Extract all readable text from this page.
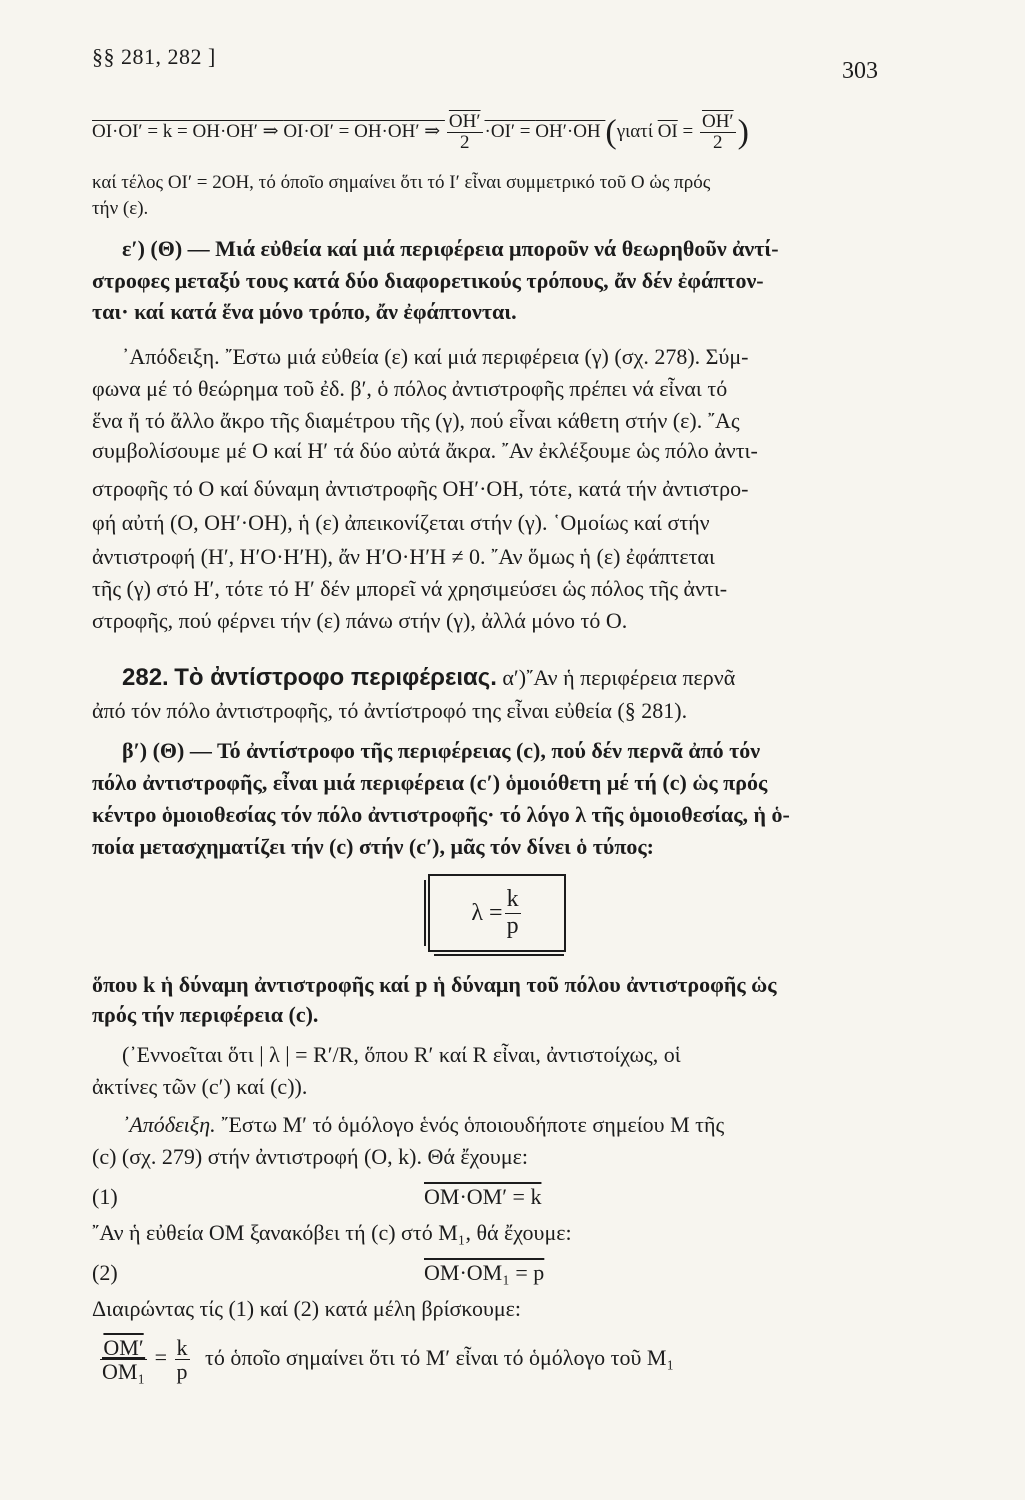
§§ 281, 282 ]
303
OI·OI′ = k = OH·OH′ ⇒ OI·OI′ = OH·OH′ ⇒ $\frac{OH'}{2} \cdot OI' = OH'\cdot OH$ (γιατί $\overline{OI} = \frac{OH'}{2}$ )
καί τέλος OI′ = 2OH, τό όποῖο σημαίνει ὅτι τό I′ εἶναι συμμετρικό τοῦ O ὡς πρός
τήν (ε).
ε′) (Θ) — Μιά εὐθεία καί μιά περιφέρεια μποροῦν νά θεωρηθοῦν ἀντί-
στροφες μεταξύ τους κατά δύο διαφορετικούς τρόπους, ἄν δέν ἐφάπτον-
ται· καί κατά ἕνα μόνο τρόπο, ἄν ἐφάπτονται.
᾿Απόδειξη. ῎Εστω μιά εὐθεία (ε) καί μιά περιφέρεια (γ) (σχ. 278). Σύμ-
φωνα μέ τό θεώρημα τοῦ ἐδ. β′, ὁ πόλος ἀντιστροφῆς πρέπει νά εἶναι τό
ἕνα ἤ τό ἄλλο ἄκρο τῆς διαμέτρου τῆς (γ), πού εἶναι κάθετη στήν (ε). ῎Ας
συμβολίσουμε μέ O καί H′ τά δύο αὐτά ἄκρα. ῎Αν ἐκλέξουμε ὡς πόλο ἀντι-
στροφῆς τό O καί δύναμη ἀντιστροφῆς OH′·OH, τότε, κατά τήν ἀντιστρο-
φή αὐτή (O, OH′·OH), ἡ (ε) ἀπεικονίζεται στήν (γ). ῾Ομοίως καί στήν
ἀντιστροφή (H′, H′O·H′H), ἄν H′O·H′H ≠ 0. ῎Αν ὅμως ἡ (ε) ἐφάπτεται
τῆς (γ) στό H′, τότε τό H′ δέν μπορεῖ νά χρησιμεύσει ὡς πόλος τῆς ἀντι-
στροφῆς, πού φέρνει τήν (ε) πάνω στήν (γ), ἀλλά μόνο τό O.
282. Τὸ ἀντίστροφο περιφέρειας. α′)῎Αν ἡ περιφέρεια περνᾶ
ἀπό τόν πόλο ἀντιστροφῆς, τό ἀντίστροφό της εἶναι εὐθεία (§ 281).
β′) (Θ) — Τό ἀντίστροφο τῆς περιφέρειας (c), πού δέν περνᾶ ἀπό τόν
πόλο ἀντιστροφῆς, εἶναι μιά περιφέρεια (c′) ὁμοιόθετη μέ τή (c) ὡς πρός
κέντρο ὁμοιοθεσίας τόν πόλο ἀντιστροφῆς· τό λόγο λ τῆς ὁμοιοθεσίας, ἡ ὁ-
ποία μετασχηματίζει τήν (c) στήν (c′), μᾶς τόν δίνει ὁ τύπος:
$\lambda = \frac{k}{p}$
ὅπου k ἡ δύναμη ἀντιστροφῆς καί p ἡ δύναμη τοῦ πόλου ἀντιστροφῆς ὡς
πρός τήν περιφέρεια (c).
(᾿Εννοεῖται ὅτι | λ | = R′/R, ὅπου R′ καί R εἶναι, ἀντιστοίχως, οἱ
ἀκτίνες τῶν (c′) καί (c)).
᾿Απόδειξη. ῎Εστω M′ τό ὁμόλογο ἑνός ὁποιουδήποτε σημείου M τῆς
(c) (σχ. 279) στήν ἀντιστροφή (O, k). Θά ἔχουμε:
(1)	OM·OM′ = k
῎Αν ἡ εὐθεία OM ξανακόβει τή (c) στό M₁, θά ἔχουμε:
(2)	OM·OM₁ = p
Διαιρώντας τίς (1) καί (2) κατά μέλη βρίσκουμε:
$\frac{OM'}{\text{OM₁}} = \frac{k}{p}$ τό ὁποῖο σημαίνει ὅτι τό M′ εἶναι τό ὁμόλογο τοῦ M₁
